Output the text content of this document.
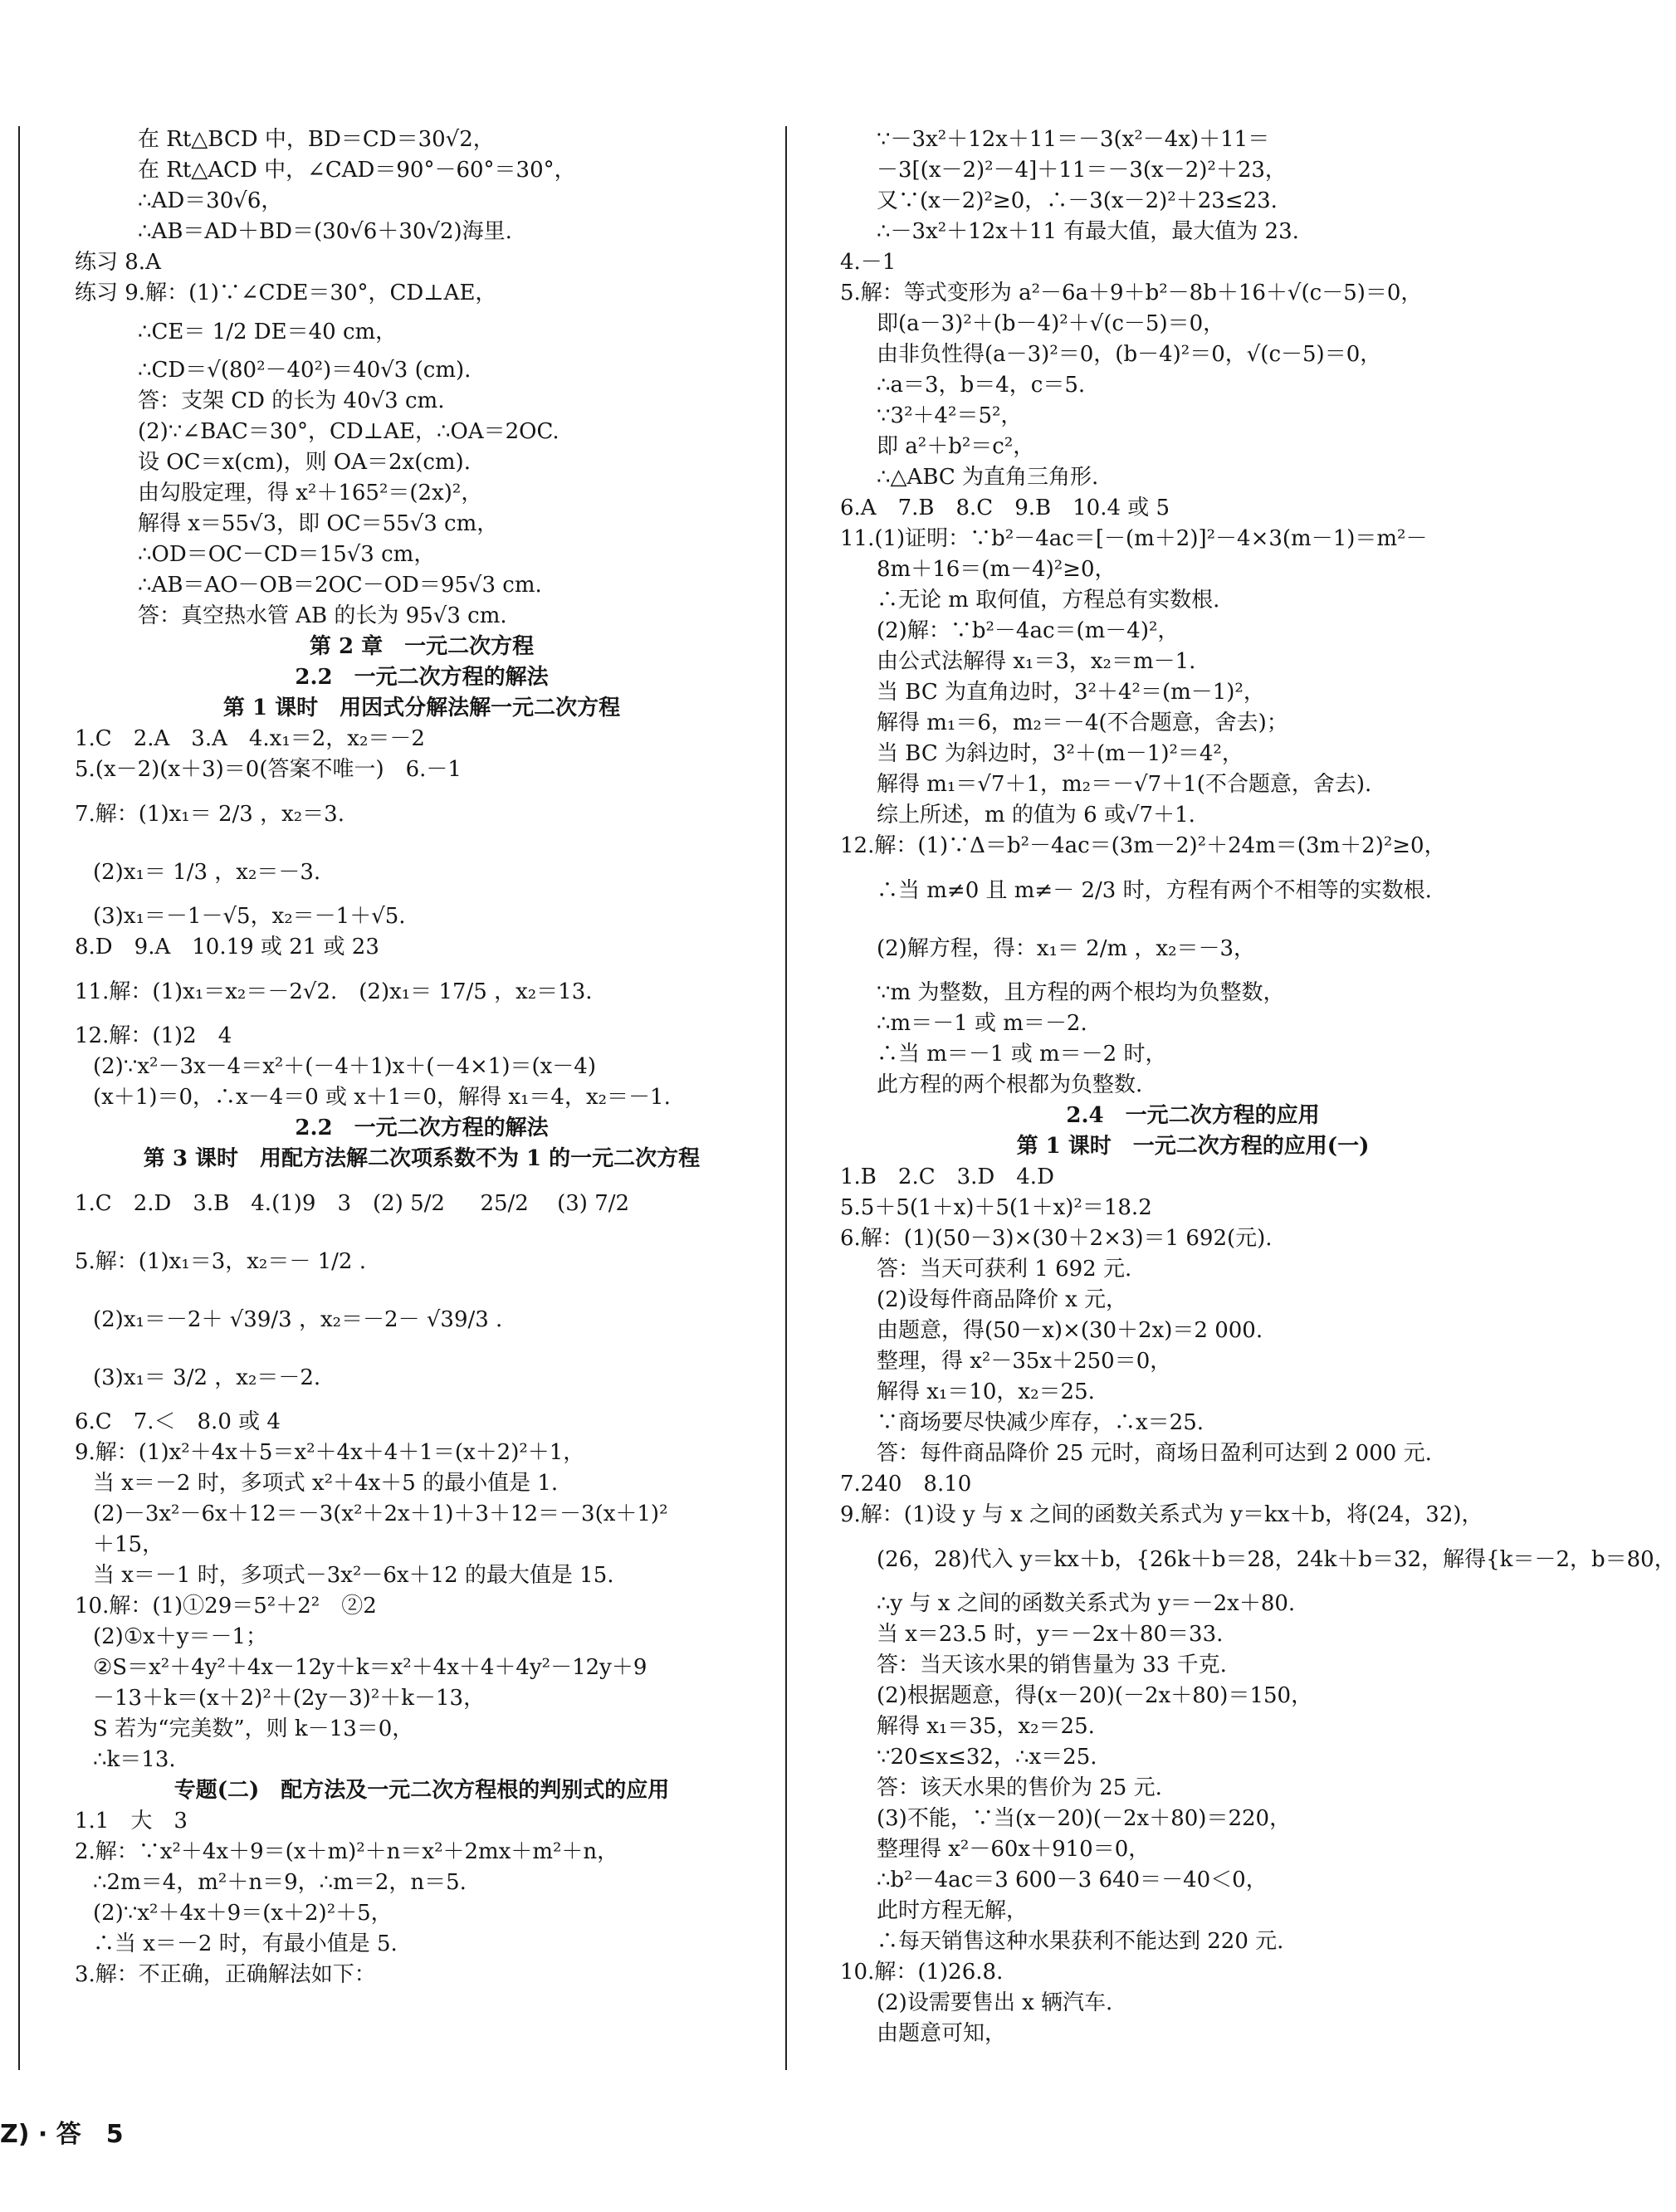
在 Rt△BCD 中，BD＝CD＝30√2，
在 Rt△ACD 中，∠CAD＝90°－60°＝30°，
∴AD＝30√6，
∴AB＝AD＋BD＝(30√6＋30√2)海里.
练习 8.A
练习 9.解：(1)∵∠CDE＝30°，CD⊥AE，
∴CE＝ 1/2 DE＝40 cm，
∴CD＝√(80²－40²)＝40√3 (cm).
答：支架 CD 的长为 40√3 cm.
(2)∵∠BAC＝30°，CD⊥AE，∴OA＝2OC.
设 OC＝x(cm)，则 OA＝2x(cm).
由勾股定理，得 x²＋165²＝(2x)²，
解得 x＝55√3，即 OC＝55√3 cm，
∴OD＝OC－CD＝15√3 cm，
∴AB＝AO－OB＝2OC－OD＝95√3 cm.
答：真空热水管 AB 的长为 95√3 cm.
第 2 章　一元二次方程
2.2　一元二次方程的解法
第 1 课时　用因式分解法解一元二次方程
1.C　2.A　3.A　4.x₁＝2，x₂＝－2
5.(x－2)(x＋3)＝0(答案不唯一)　6.－1
7.解：(1)x₁＝ 2/3 ，x₂＝3.
(2)x₁＝ 1/3 ，x₂＝－3.
(3)x₁＝－1－√5，x₂＝－1＋√5.
8.D　9.A　10.19 或 21 或 23
11.解：(1)x₁＝x₂＝－2√2.　(2)x₁＝ 17/5 ，x₂＝13.
12.解：(1)2　4
(2)∵x²－3x－4＝x²＋(－4＋1)x＋(－4×1)＝(x－4)
(x＋1)＝0，∴x－4＝0 或 x＋1＝0，解得 x₁＝4，x₂＝－1.
2.2　一元二次方程的解法
第 3 课时　用配方法解二次项系数不为 1 的一元二次方程
1.C　2.D　3.B　4.(1)9　3　(2) 5/2 　 25/2 　(3) 7/2
5.解：(1)x₁＝3，x₂＝－ 1/2 .
(2)x₁＝－2＋ √39/3 ，x₂＝－2－ √39/3 .
(3)x₁＝ 3/2 ，x₂＝－2.
6.C　7.＜　8.0 或 4
9.解：(1)x²＋4x＋5＝x²＋4x＋4＋1＝(x＋2)²＋1，
当 x＝－2 时，多项式 x²＋4x＋5 的最小值是 1.
(2)－3x²－6x＋12＝－3(x²＋2x＋1)＋3＋12＝－3(x＋1)²
＋15，
当 x＝－1 时，多项式－3x²－6x＋12 的最大值是 15.
10.解：(1)①29＝5²＋2²　②2
(2)①x＋y＝－1；
②S＝x²＋4y²＋4x－12y＋k＝x²＋4x＋4＋4y²－12y＋9
－13＋k＝(x＋2)²＋(2y－3)²＋k－13，
S 若为“完美数”，则 k－13＝0，
∴k＝13.
专题(二)　配方法及一元二次方程根的判别式的应用
1.1　大　3
2.解：∵x²＋4x＋9＝(x＋m)²＋n＝x²＋2mx＋m²＋n，
∴2m＝4，m²＋n＝9，∴m＝2，n＝5.
(2)∵x²＋4x＋9＝(x＋2)²＋5，
∴当 x＝－2 时，有最小值是 5.
3.解：不正确，正确解法如下：
∵－3x²＋12x＋11＝－3(x²－4x)＋11＝
－3[(x－2)²－4]＋11＝－3(x－2)²＋23，
又∵(x－2)²≥0，∴－3(x－2)²＋23≤23.
∴－3x²＋12x＋11 有最大值，最大值为 23.
4.－1
5.解：等式变形为 a²－6a＋9＋b²－8b＋16＋√(c－5)＝0，
即(a－3)²＋(b－4)²＋√(c－5)＝0，
由非负性得(a－3)²＝0，(b－4)²＝0，√(c－5)＝0，
∴a＝3，b＝4，c＝5.
∵3²＋4²＝5²，
即 a²＋b²＝c²，
∴△ABC 为直角三角形.
6.A　7.B　8.C　9.B　10.4 或 5
11.(1)证明：∵b²－4ac＝[－(m＋2)]²－4×3(m－1)＝m²－
8m＋16＝(m－4)²≥0，
∴无论 m 取何值，方程总有实数根.
(2)解：∵b²－4ac＝(m－4)²，
由公式法解得 x₁＝3，x₂＝m－1.
当 BC 为直角边时，3²＋4²＝(m－1)²，
解得 m₁＝6，m₂＝－4(不合题意，舍去)；
当 BC 为斜边时，3²＋(m－1)²＝4²，
解得 m₁＝√7＋1，m₂＝－√7＋1(不合题意，舍去).
综上所述，m 的值为 6 或√7＋1.
12.解：(1)∵Δ＝b²－4ac＝(3m－2)²＋24m＝(3m＋2)²≥0，
∴当 m≠0 且 m≠－ 2/3 时，方程有两个不相等的实数根.
(2)解方程，得：x₁＝ 2/m ，x₂＝－3，
∵m 为整数，且方程的两个根均为负整数，
∴m＝－1 或 m＝－2.
∴当 m＝－1 或 m＝－2 时，
此方程的两个根都为负整数.
2.4　一元二次方程的应用
第 1 课时　一元二次方程的应用(一)
1.B　2.C　3.D　4.D
5.5＋5(1＋x)＋5(1＋x)²＝18.2
6.解：(1)(50－3)×(30＋2×3)＝1 692(元).
答：当天可获利 1 692 元.
(2)设每件商品降价 x 元，
由题意，得(50－x)×(30＋2x)＝2 000.
整理，得 x²－35x＋250＝0，
解得 x₁＝10，x₂＝25.
∵商场要尽快减少库存，∴x＝25.
答：每件商品降价 25 元时，商场日盈利可达到 2 000 元.
7.240　8.10
9.解：(1)设 y 与 x 之间的函数关系式为 y＝kx＋b，将(24，32)，
(26，28)代入 y＝kx＋b，{26k＋b＝28，24k＋b＝32，解得{k＝－2，b＝80，
∴y 与 x 之间的函数关系式为 y＝－2x＋80.
当 x＝23.5 时，y＝－2x＋80＝33.
答：当天该水果的销售量为 33 千克.
(2)根据题意，得(x－20)(－2x＋80)＝150，
解得 x₁＝35，x₂＝25.
∵20≤x≤32，∴x＝25.
答：该天水果的售价为 25 元.
(3)不能，∵当(x－20)(－2x＋80)＝220，
整理得 x²－60x＋910＝0，
∴b²－4ac＝3 600－3 640＝－40＜0，
此时方程无解，
∴每天销售这种水果获利不能达到 220 元.
10.解：(1)26.8.
(2)设需要售出 x 辆汽车.
由题意可知，
Z) · 答　5
